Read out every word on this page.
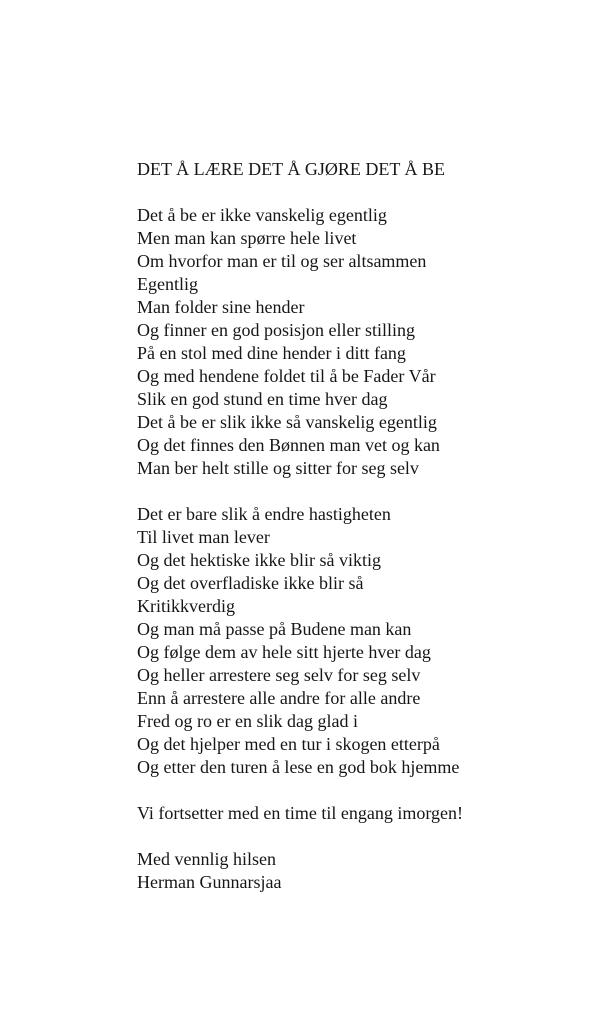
DET Å LÆRE DET Å GJØRE DET Å BE
Det å be er ikke vanskelig egentlig
Men man kan spørre hele livet
Om hvorfor man er til og ser altsammen
Egentlig
Man folder sine hender
Og finner en god posisjon eller stilling
På en stol med dine hender i ditt fang
Og med hendene foldet til å be Fader Vår
Slik en god stund en time hver dag
Det å be er slik ikke så vanskelig egentlig
Og det finnes den Bønnen man vet og kan
Man ber helt stille og sitter for seg selv
Det er bare slik å endre hastigheten
Til livet man lever
Og det hektiske ikke blir så viktig
Og det overfladiske ikke blir så
Kritikkverdig
Og man må passe på Budene man kan
Og følge dem av hele sitt hjerte hver dag
Og heller arrestere seg selv for seg selv
Enn å arrestere alle andre for alle andre
Fred og ro er en slik dag glad i
Og det hjelper med en tur i skogen etterpå
Og etter den turen å lese en god bok hjemme
Vi fortsetter med en time til engang imorgen!
Med vennlig hilsen
Herman Gunnarsjaa
